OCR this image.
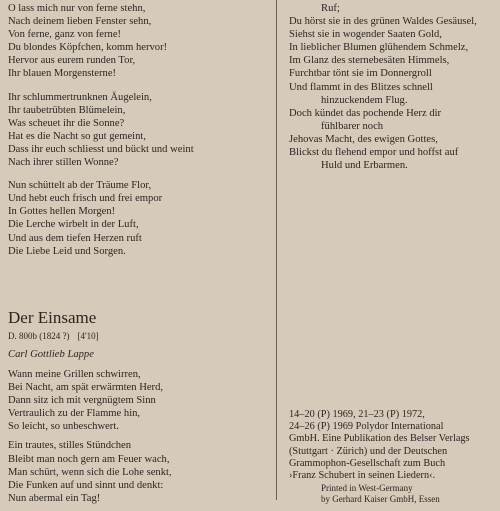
O lass mich nur von ferne stehn,
Nach deinem lieben Fenster sehn,
Von ferne, ganz von ferne!
Du blondes Köpfchen, komm hervor!
Hervor aus eurem runden Tor,
Ihr blauen Morgensterne!
Ihr schlummertrunknen Äugelein,
Ihr taubetrübten Blümelein,
Was scheuet ihr die Sonne?
Hat es die Nacht so gut gemeint,
Dass ihr euch schliesst und bückt und weint
Nach ihrer stillen Wonne?
Nun schüttelt ab der Träume Flor,
Und hebt euch frisch und frei empor
In Gottes hellen Morgen!
Die Lerche wirbelt in der Luft,
Und aus dem tiefen Herzen ruft
Die Liebe Leid und Sorgen.
Ruf;
Du hörst sie in des grünen Waldes Gesäusel,
Siehst sie in wogender Saaten Gold,
In lieblicher Blumen glühendem Schmelz,
Im Glanz des sternebesäten Himmels,
Furchtbar tönt sie im Donnergroll
Und flammt in des Blitzes schnell
hinzuckendem Flug.
Doch kündet das pochende Herz dir
fühlbarer noch
Jehovas Macht, des ewigen Gottes,
Blickst du flehend empor und hoffst auf
Huld und Erbarmen.
Der Einsame
D. 800b (1824 ?) [4'10]
Carl Gottlieb Lappe
Wann meine Grillen schwirren,
Bei Nacht, am spät erwärmten Herd,
Dann sitz ich mit vergnügtem Sinn
Vertraulich zu der Flamme hin,
So leicht, so unbeschwert.
Ein trautes, stilles Stündchen
Bleibt man noch gern am Feuer wach,
Man schürt, wenn sich die Lohe senkt,
Die Funken auf und sinnt und denkt:
Nun abermal ein Tag!
14–20 (P) 1969, 21–23 (P) 1972,
24–26 (P) 1969 Polydor International
GmbH. Eine Publikation des Belser Verlags
(Stuttgart · Zürich) und der Deutschen
Grammophon-Gesellschaft zum Buch
›Franz Schubert in seinen Liedern‹.
Printed in West-Germany
by Gerhard Kaiser GmbH, Essen
